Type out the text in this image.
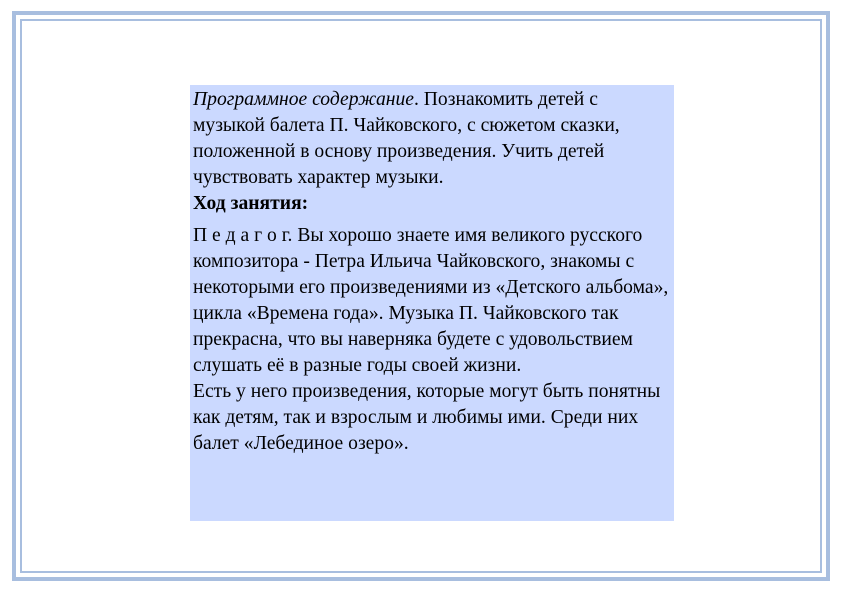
Программное содержание. Познакомить детей с музыкой балета П. Чайковского, с сюжетом сказки, положенной в основу произведения. Учить детей чувствовать характер музыки.

Ход занятия:

П е д а г о г. Вы хорошо знаете имя великого русского композитора - Петра Ильича Чайковского, знакомы с некоторыми его произведениями из «Детского альбома», цикла «Времена года». Музыка П. Чайковского так прекрасна, что вы наверняка будете с удовольствием слушать её в разные годы своей жизни.

Есть у него произведения, которые могут быть понятны как детям, так и взрослым и любимы ими. Среди них балет «Лебединое озеро».
